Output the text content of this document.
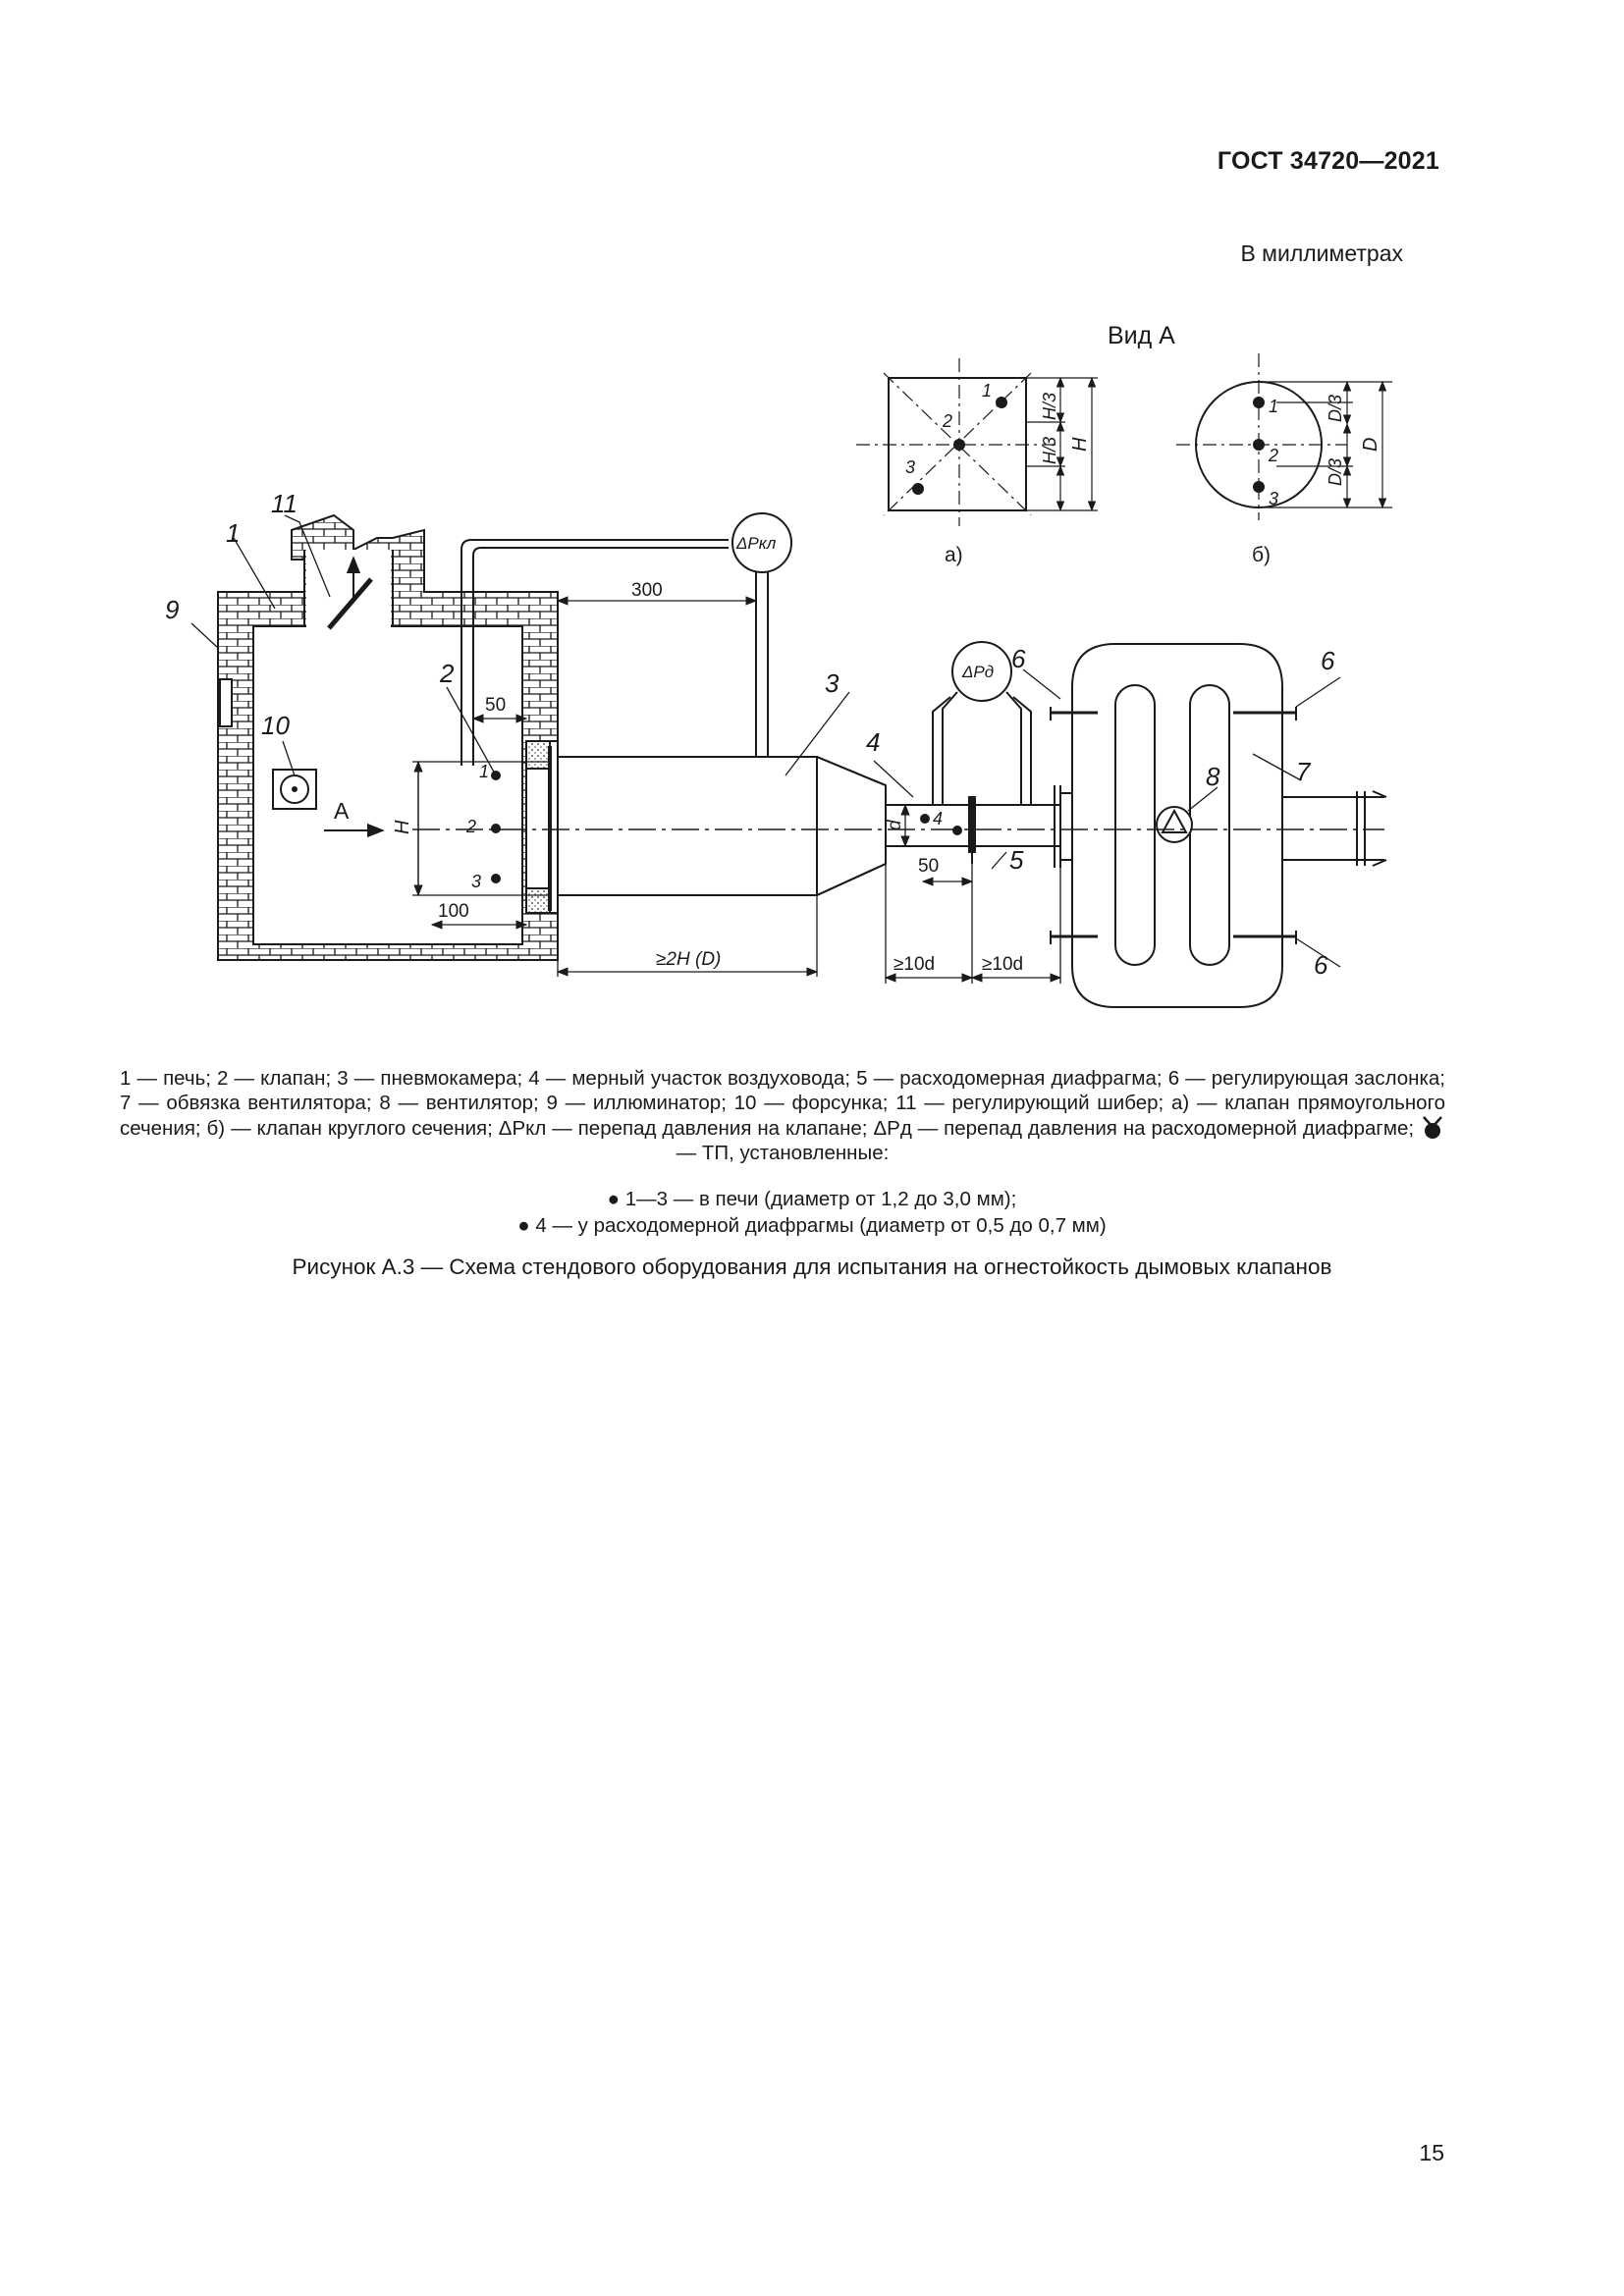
ГОСТ 34720—2021
В миллиметрах
Вид А
а)	б)
300
50
100
50
≥2H (D)	≥10d	≥10d
А
H	d
H/3
H/3 H
D/3
D/3
D
ΔPкл
ΔPд
1
2	3
4
5
6	6
6
7
8
9
10
11
1
2
3
4
1
2
3
1
2
3
1 — печь; 2 — клапан; 3 — пневмокамера; 4 — мерный участок воздуховода; 5 — расходомерная диафрагма; 6 — регулирующая заслонка; 7 — обвязка вентилятора; 8 — вентилятор; 9 — иллюминатор; 10 — форсунка; 11 — регулирующий шибер; а) — клапан прямоугольного сечения; б) — клапан круглого сечения; ΔPкл — перепад давления на клапане; ΔPд — перепад давления на расходомерной диафрагме;  — ТП, установленные:
● 1—3 — в печи (диаметр от 1,2 до 3,0 мм);
● 4 — у расходомерной диафрагмы (диаметр от 0,5 до 0,7 мм)
Рисунок А.3 — Схема стендового оборудования для испытания на огнестойкость дымовых клапанов
15
